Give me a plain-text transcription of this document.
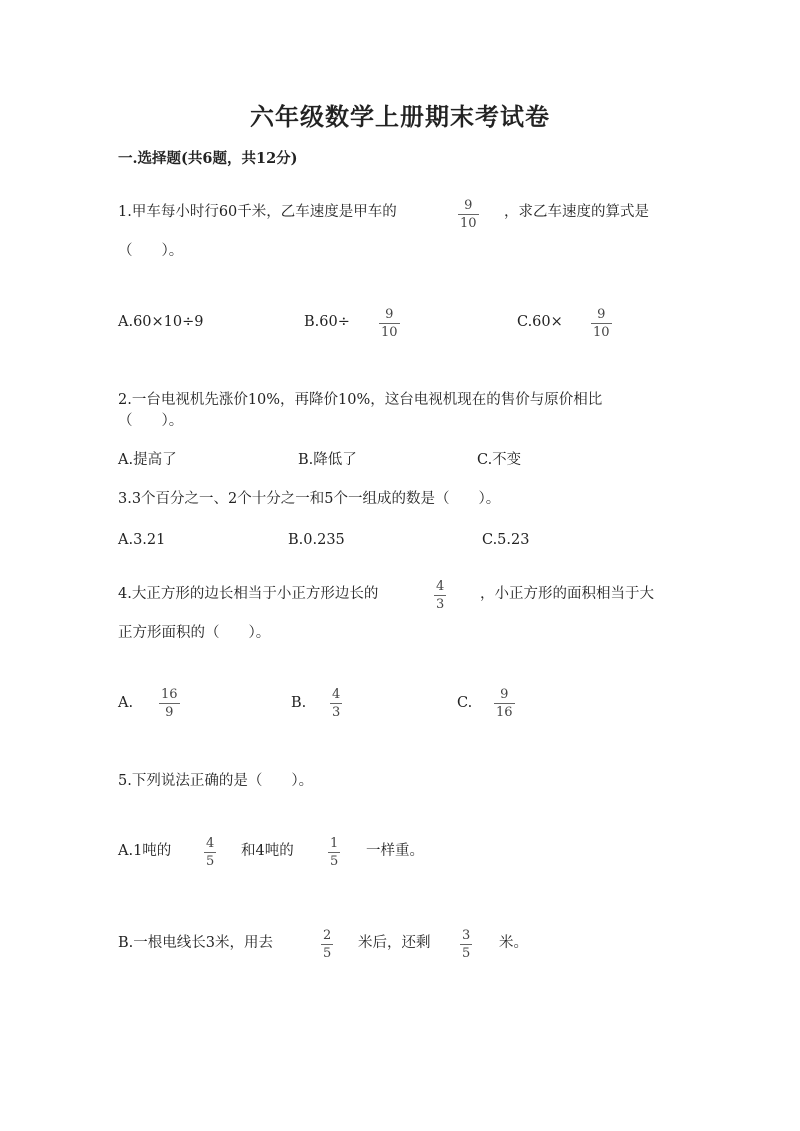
六年级数学上册期末考试卷
一.选择题(共6题，共12分)
1.甲车每小时行60千米，乙车速度是甲车的	9
10
，求乙车速度的算式是
（　　）。
A.60×10÷9	B.60÷	9
10
C.60×	9
10
2.一台电视机先涨价10%，再降价10%，这台电视机现在的售价与原价相比
（　　）。
A.提高了	B.降低了	C.不变
3.3个百分之一、2个十分之一和5个一组成的数是（　　）。
A.3.21	B.0.235	C.5.23
4.大正方形的边长相当于小正方形边长的	4
3
，小正方形的面积相当于大
正方形面积的（　　）。
A.
16
9
B.
4
3
C.
9
16
5.下列说法正确的是（　　）。
A.1吨的	4
5
和4吨的	1
5
一样重。
B.一根电线长3米，用去	2
5
米后，还剩 3
5
米。
